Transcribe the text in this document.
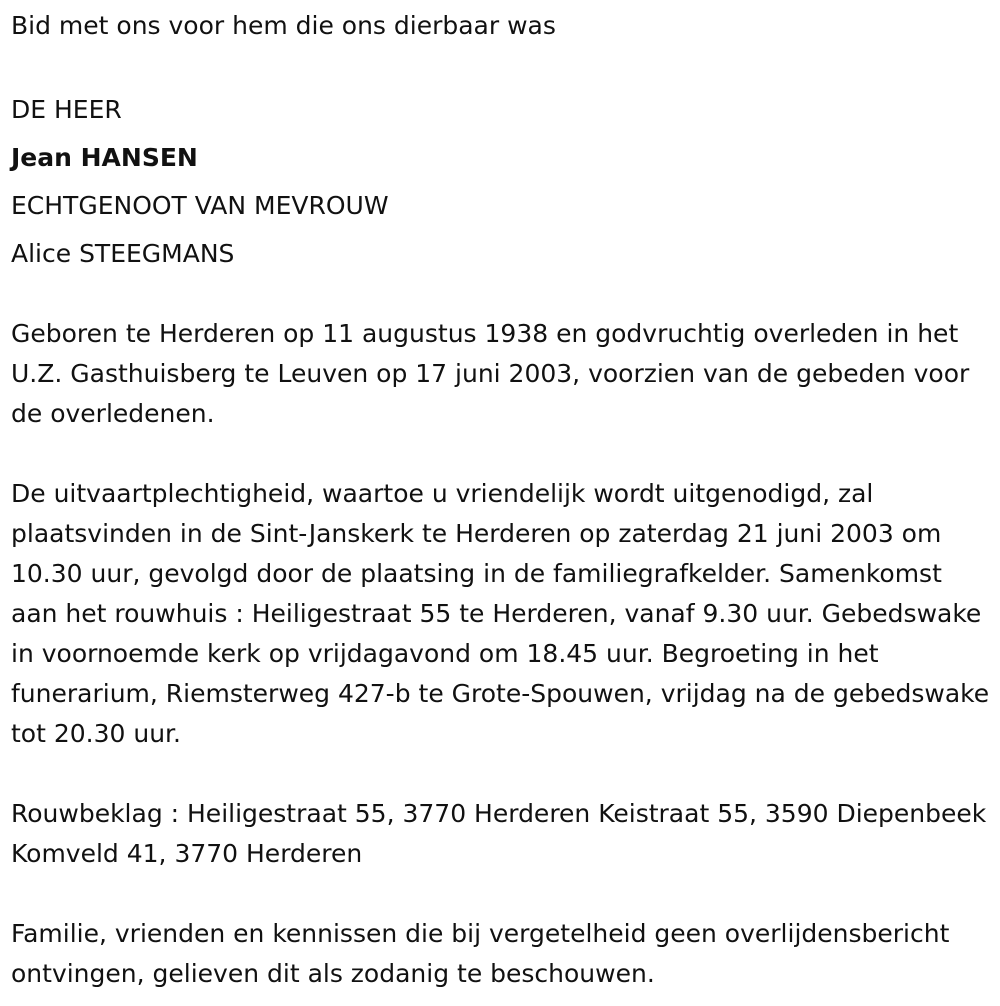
Bid met ons voor hem die ons dierbaar was

DE HEER

Jean HANSEN

ECHTGENOOT VAN MEVROUW

Alice STEEGMANS

Geboren te Herderen op 11 augustus 1938 en godvruchtig overleden in het U.Z. Gasthuisberg te Leuven op 17 juni 2003, voorzien van de gebeden voor de overledenen.

De uitvaartplechtigheid, waartoe u vriendelijk wordt uitgenodigd, zal plaatsvinden in de Sint-Janskerk te Herderen op zaterdag 21 juni 2003 om 10.30 uur, gevolgd door de plaatsing in de familiegrafkelder. Samenkomst aan het rouwhuis : Heiligestraat 55 te Herderen, vanaf 9.30 uur. Gebedswake in voornoemde kerk op vrijdagavond om 18.45 uur. Begroeting in het funerarium, Riemsterweg 427-b te Grote-Spouwen, vrijdag na de gebedswake tot 20.30 uur.

Rouwbeklag : Heiligestraat 55, 3770 Herderen Keistraat 55, 3590 Diepenbeek Komveld 41, 3770 Herderen

Familie, vrienden en kennissen die bij vergetelheid geen overlijdensbericht ontvingen, gelieven dit als zodanig te beschouwen.
